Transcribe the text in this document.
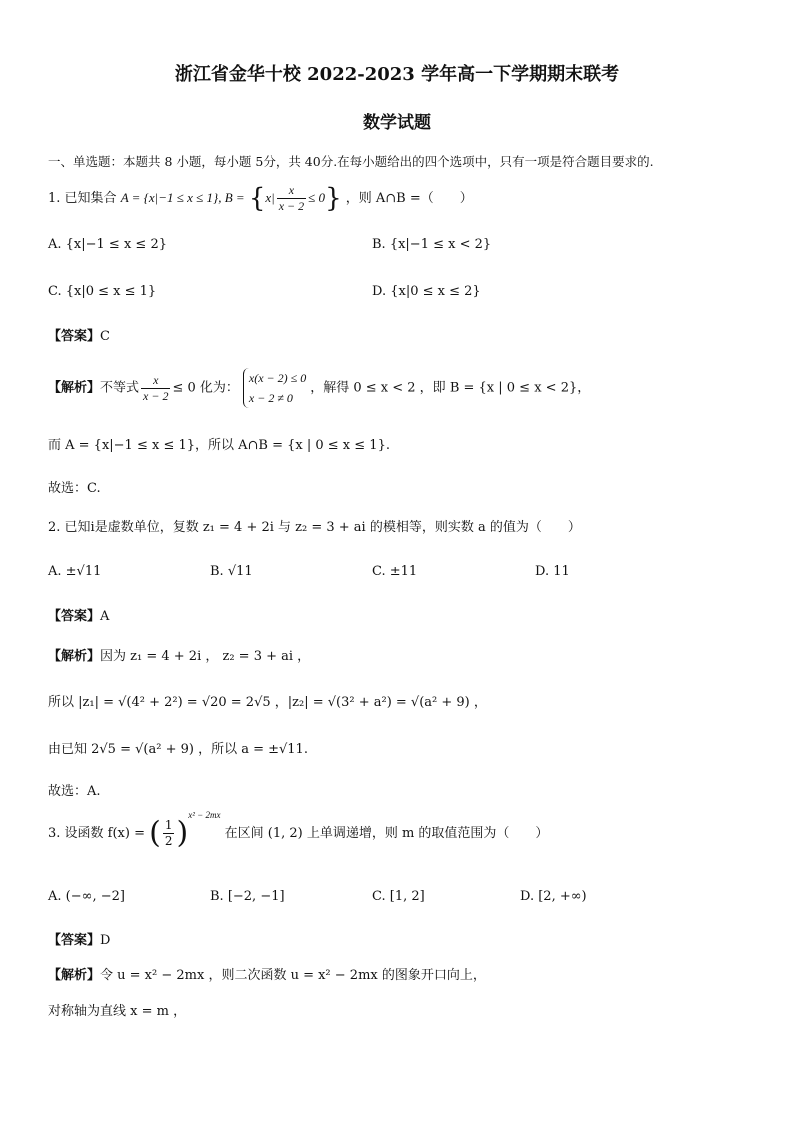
浙江省金华十校 2022-2023 学年高一下学期期末联考
数学试题
一、单选题：本题共 8 小题，每小题 5分，共 40分.在每小题给出的四个选项中，只有一项是符合题目要求的.
1. 已知集合 A = {x|−1 ≤ x ≤ 1}, $B = \{x| \frac{x}{x - 2} \le 0\}$ ，则 A∩B =（　　）
A. {x|−1 ≤ x ≤ 2}	B. {x|−1 ≤ x < 2}
C. {x|0 ≤ x ≤ 1}	D. {x|0 ≤ x ≤ 2}
【答案】C
【解析】不等式 $\frac{x}{x - 2} \le 0$ 化为：
x(x − 2) ≤ 0
x − 2 ≠ 0
，解得 0 ≤ x < 2 ，即 B = {x | 0 ≤ x < 2}，
而 A = {x|−1 ≤ x ≤ 1}，所以 A∩B = {x | 0 ≤ x ≤ 1}.
故选：C.
2. 已知i是虚数单位，复数 z₁ = 4 + 2i 与 z₂ = 3 + ai 的模相等，则实数 a 的值为（　　）
A. ±√11	B. √11	C. ±11	D. 11
【答案】A
【解析】因为 z₁ = 4 + 2i ， z₂ = 3 + ai ，
所以 |z₁| = √(4² + 2²) = √20 = 2√5 ，|z₂| = √(3² + a²) = √(a² + 9) ，
由已知 2√5 = √(a² + 9) ，所以 a = ±√11.
故选：A.
3. 设函数 f(x) = ( $\frac{1}{2} )^{x^2 - 2mx}$ 在区间 (1, 2) 上单调递增，则 m 的取值范围为（　　）
A. (−∞, −2]	B. [−2, −1]	C. [1, 2]	D. [2, +∞)
【答案】D
【解析】令 u = x² − 2mx ，则二次函数 u = x² − 2mx 的图象开口向上，
对称轴为直线 x = m ，
